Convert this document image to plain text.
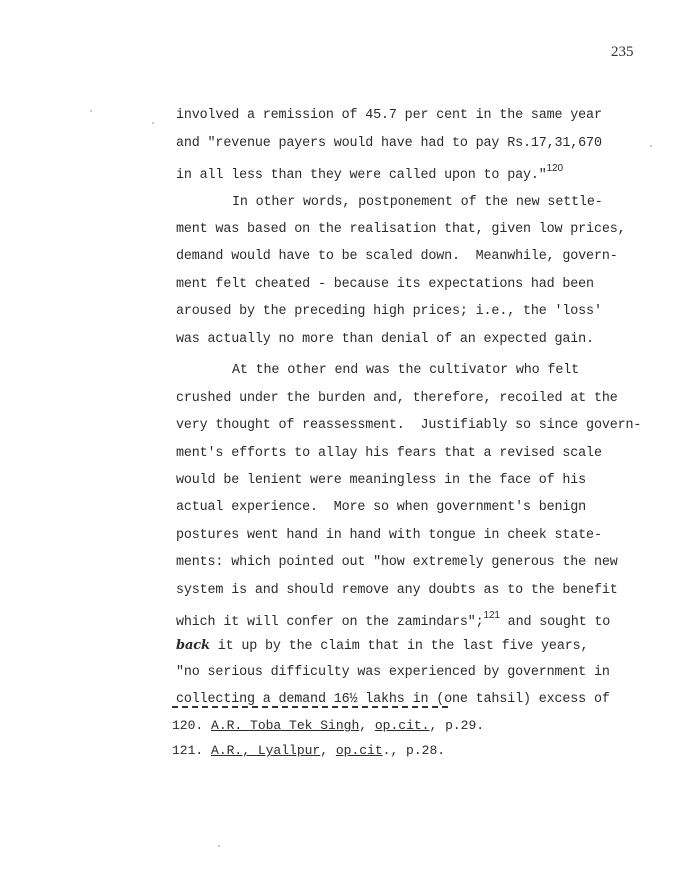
235
involved a remission of 45.7 per cent in the same year
and "revenue payers would have had to pay Rs.17,31,670
in all less than they were called upon to pay."$^{120}$
In other words, postponement of the new settle-
ment was based on the realisation that, given low prices,
demand would have to be scaled down.  Meanwhile, govern-
ment felt cheated - because its expectations had been
aroused by the preceding high prices; i.e., the 'loss'
was actually no more than denial of an expected gain.
At the other end was the cultivator who felt
crushed under the burden and, therefore, recoiled at the
very thought of reassessment.  Justifiably so since govern-
ment's efforts to allay his fears that a revised scale
would be lenient were meaningless in the face of his
actual experience.  More so when government's benign
postures went hand in hand with tongue in cheek state-
ments: which pointed out "how extremely generous the new
system is and should remove any doubts as to the benefit
which it will confer on the zamindars";$^{121}$ and sought to
back it up by the claim that in the last five years,
"no serious difficulty was experienced by government in
collecting a demand 16½ lakhs in (one tahsil) excess of
120. A.R. Toba Tek Singh, op.cit., p.29.
121. A.R., Lyallpur, op.cit., p.28.
